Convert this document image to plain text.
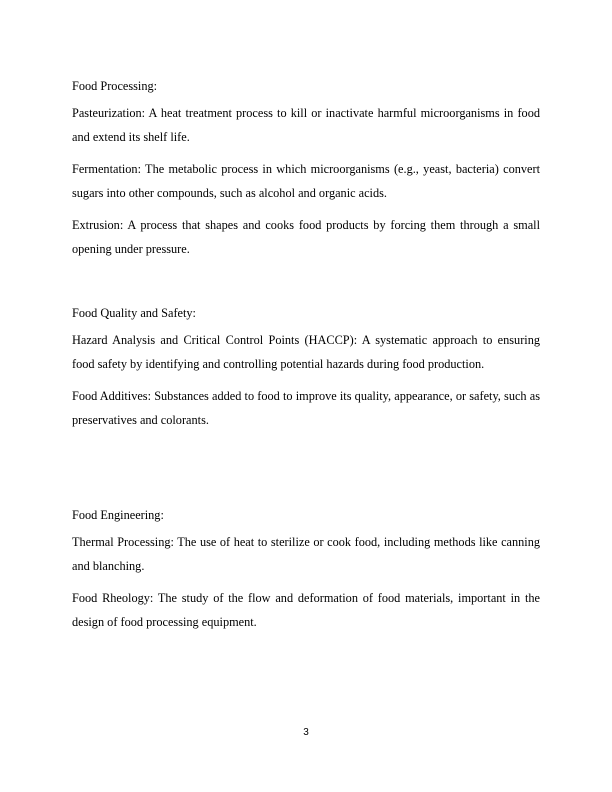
Food Processing:

Pasteurization: A heat treatment process to kill or inactivate harmful microorganisms in food and extend its shelf life.

Fermentation: The metabolic process in which microorganisms (e.g., yeast, bacteria) convert sugars into other compounds, such as alcohol and organic acids.

Extrusion: A process that shapes and cooks food products by forcing them through a small opening under pressure.

Food Quality and Safety:

Hazard Analysis and Critical Control Points (HACCP): A systematic approach to ensuring food safety by identifying and controlling potential hazards during food production.

Food Additives: Substances added to food to improve its quality, appearance, or safety, such as preservatives and colorants.

Food Engineering:

Thermal Processing: The use of heat to sterilize or cook food, including methods like canning and blanching.

Food Rheology: The study of the flow and deformation of food materials, important in the design of food processing equipment.

3
